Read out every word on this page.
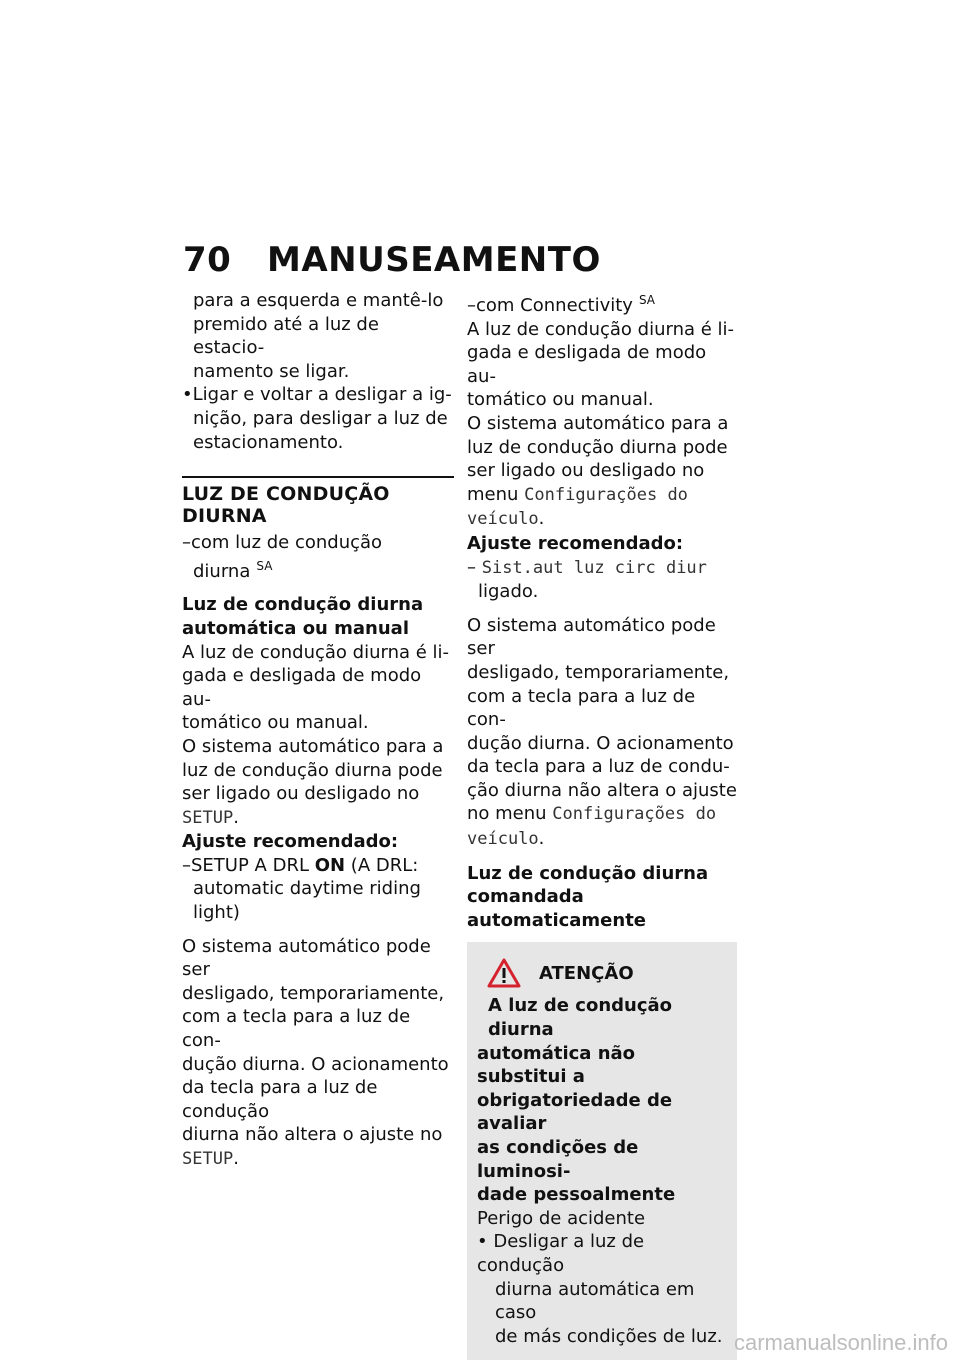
70 MANUSEAMENTO
para a esquerda e mantê-lo
premido até a luz de estacio-
namento se ligar.
•Ligar e voltar a desligar a ig-
nição, para desligar a luz de
estacionamento.
LUZ DE CONDUÇÃO DIURNA
–com luz de condução
diurna $^{SA}$
Luz de condução diurna
automática ou manual
A luz de condução diurna é li-
gada e desligada de modo au-
tomático ou manual.
O sistema automático para a
luz de condução diurna pode
ser ligado ou desligado no
SETUP.
Ajuste recomendado:
–SETUP A DRL ON (A DRL:
automatic daytime riding
light)
O sistema automático pode ser
desligado, temporariamente,
com a tecla para a luz de con-
dução diurna. O acionamento
da tecla para a luz de condução
diurna não altera o ajuste no
SETUP.
–com Connectivity $^{SA}$
A luz de condução diurna é li-
gada e desligada de modo au-
tomático ou manual.
O sistema automático para a
luz de condução diurna pode
ser ligado ou desligado no
menu Configurações do
veículo.
Ajuste recomendado:
– Sist.aut luz circ diur
ligado.
O sistema automático pode ser
desligado, temporariamente,
com a tecla para a luz de con-
dução diurna. O acionamento
da tecla para a luz de condu-
ção diurna não altera o ajuste
no menu Configurações do
veículo.
Luz de condução diurna
comandada automaticamente
ATENÇÃO
A luz de condução diurna
automática não substitui a
obrigatoriedade de avaliar
as condições de luminosi-
dade pessoalmente
Perigo de acidente
• Desligar a luz de condução
diurna automática em caso
de más condições de luz. carmanualsonline.info
